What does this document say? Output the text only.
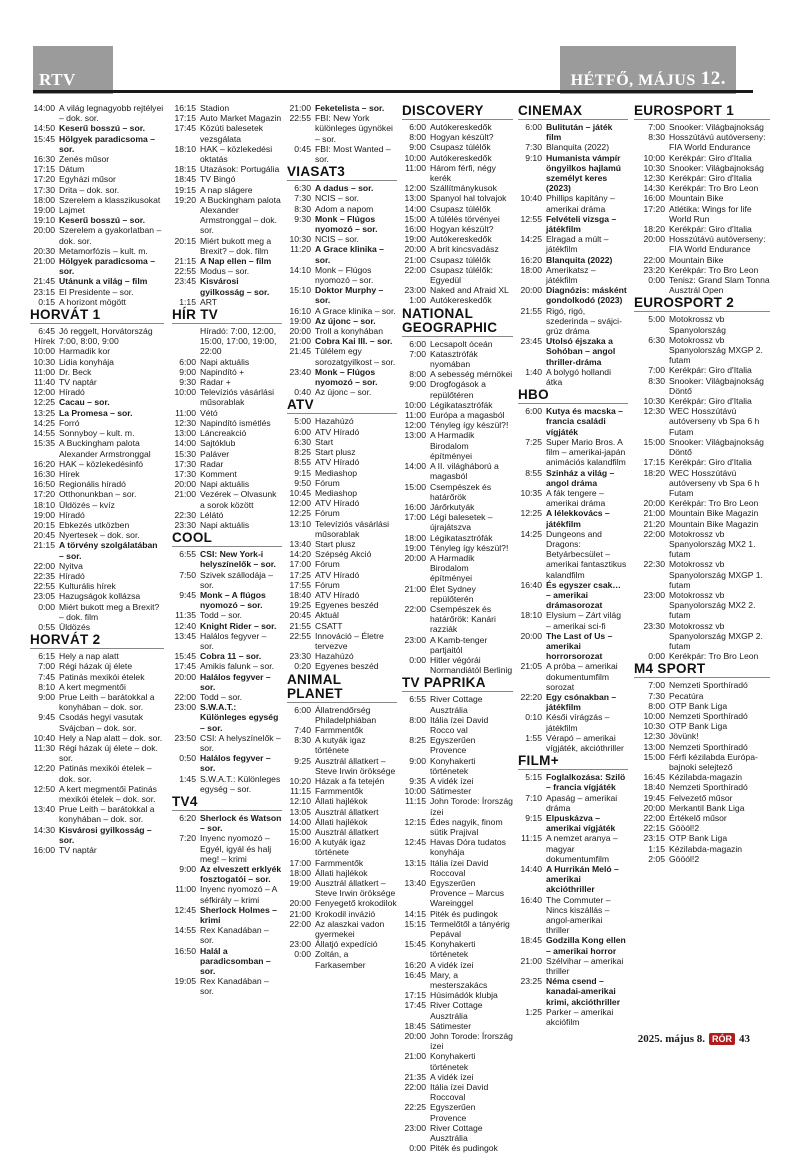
RTV	HÉTFŐ, MÁJUS 12.
14:00 A világ legnagyobb rejtélyei – dok. sor.
14:50 Keserű bosszú – sor.
15:45 Hölgyek paradicsoma – sor.
16:30 Zenés műsor
17:15 Dátum
17:20 Egyházi műsor
17:30 Drita – dok. sor.
18:00 Szerelem a klasszikusokat
19:00 Lajmet
19:10 Keserű bosszú – sor.
20:00 Szerelem a gyakorlatban – dok. sor.
20:30 Metamorfózis – kult. m.
21:00 Hölgyek paradicsoma – sor.
21:45 Utánunk a világ – film
23:15 El Presidente – sor.
0:15 A horizont mögött
HORVÁT 1
6:45 Jó reggelt, Horvátország
Hírek 7:00, 8:00, 9:00
10:00 Harmadik kor
10:30 Lidia konyhája
11:00 Dr. Beck
11:40 TV naptár
12:00 Híradó
12:25 Cacau – sor.
13:25 La Promesa – sor.
14:25 Forró
14:55 Sonnyboy – kult. m.
15:35 A Buckingham palota Alexander Armstronggal
16:20 HAK – közlekedésinfó
16:30 Hírek
16:50 Regionális híradó
17:20 Otthonunkban – sor.
18:10 Üldözés – kvíz
19:00 Híradó
20:15 Ebkezés utközben
20:45 Nyertesek – dok. sor.
21:15 A törvény szolgálatában – sor.
22:00 Nyitva
22:35 Híradó
22:55 Kulturális hírek
23:05 Hazugságok kollázsa
0:00 Miért bukott meg a Brexit? – dok. film
0:55 Üldözés
HORVÁT 2
6:15 Hely a nap alatt
7:00 Régi házak új élete
7:45 Patinás mexikói ételek
8:10 A kert megmentői
9:00 Prue Leith – barátokkal a konyhában – dok. sor.
9:45 Csodás hegyi vasutak Svájcban – dok. sor.
10:40 Hely a Nap alatt – dok. sor.
11:30 Régi házak új élete – dok. sor.
12:20 Patinás mexikói ételek – dok. sor.
12:50 A kert megmentői Patinás mexikói ételek – dok. sor.
13:40 Prue Leith – barátokkal a konyhában – dok. sor.
14:30 Kisvárosi gyilkosság – sor.
16:00 TV naptár
16:15 Stadion
17:15 Auto Market Magazin
17:45 Közúti balesetek vezsgálata
18:10 HAK – közlekedési oktatás
18:15 Utazások: Portugália
18:45 TV Bingó
19:15 A nap slágere
19:20 A Buckingham palota Alexander Armstronggal – dok. sor.
20:15 Miért bukott meg a Brexit? – dok. film
21:15 A Nap ellen – film
22:55 Modus – sor.
23:45 Kisvárosi gyilkosság – sor.
1:15 ART
HÍR TV
Híradó: 7:00, 12:00, 15:00, 17:00, 19:00, 22:00
6:00 Napi aktuális
9:00 Napindító +
9:30 Radar +
10:00 Televíziós vásárlási műsorablak
11:00 Vétó
12:30 Napindító ismétlés
13:00 Láncreakció
14:00 Sajtóklub
15:30 Paláver
17:30 Radar
17:30 Komment
20:00 Napi aktuális
21:00 Vezérek – Olvasunk a sorok között
22:30 Lélátó
23:30 Napi aktuális
COOL
6:55 CSI: New York-i helyszínelők – sor.
7:50 Szivek szállodája – sor.
9:45 Monk – A flúgos nyomozó – sor.
11:35 Todd – sor.
12:40 Knight Rider – sor.
13:45 Halálos fegyver – sor.
15:45 Cobra 11 – sor.
17:45 Amikis falunk – sor.
20:00 Halálos fegyver – sor.
22:00 Todd – sor.
23:00 S.W.A.T.: Különleges egység – sor.
23:50 CSI: A helyszínelők – sor.
0:50 Halálos fegyver – sor.
1:45 S.W.A.T.: Különleges egység – sor.
TV4
6:20 Sherlock és Watson – sor.
7:20 Inyenc nyomozó – Egyél, igyál és halj meg! – krimi
9:00 Az elveszett erklyék fosztogatói – sor.
11:00 Inyenc nyomozó – A séfkirály – krimi
12:45 Sherlock Holmes – krimi
14:55 Rex Kanadában – sor.
16:50 Halál a paradicsomban – sor.
19:05 Rex Kanadában – sor.
21:00 Feketelista – sor.
22:55 FBI: New York különleges ügynökei – sor.
0:45 FBI: Most Wanted – sor.
VIASAT3
6:30 A dadus – sor.
7:30 NCIS – sor.
8:30 Adom a napom
9:30 Monk – Flúgos nyomozó – sor.
10:30 NCIS – sor.
11:20 A Grace klinika – sor.
14:10 Monk – Flúgos nyomozó – sor.
15:10 Doktor Murphy – sor.
16:10 A Grace klinika – sor.
19:00 Az újonc – sor.
20:00 Troll a konyhában
21:00 Cobra Kai III. – sor.
21:45 Túlélem egy sorozatgyilkost – sor.
23:40 Monk – Flúgos nyomozó – sor.
0:40 Az újonc – sor.
ATV
5:00 Hazahúzó
6:00 ATV Híradó
6:30 Start
8:25 Start plusz
8:55 ATV Híradó
9:15 Mediashop
9:50 Fórum
10:45 Mediashop
12:00 ATV Híradó
12:25 Fórum
13:10 Televíziós vásárlási műsorablak
13:40 Start plusz
14:20 Szépség Akció
17:00 Fórum
17:25 ATV Híradó
17:55 Fórum
18:40 ATV Híradó
19:25 Egyenes beszéd
20:45 Aktuál
21:55 CSATT
22:55 Innováció – Életre tervezve
23:30 Hazahúzó
0:20 Egyenes beszéd
ANIMAL PLANET
6:00 Állatrendőrség Philadelphiában
7:40 Farmmentők
8:30 A kutyák igaz története
9:25 Ausztrál állatkert – Steve Irwin öröksége
10:20 Házak a fa tetején
11:15 Farmmentők
12:10 Állati hajlékok
13:05 Ausztrál állatkert
14:00 Állati hajlékok
15:00 Ausztrál állatkert
16:00 A kutyák igaz története
17:00 Farmmentők
18:00 Állati hajlékok
19:00 Ausztrál állatkert – Steve Irwin öröksége
20:00 Fenyegető krokodilok
21:00 Krokodil invázió
22:00 Az alaszkai vadon gyermekei
23:00 Állatjó expedíció
0:00 Zoltán, a Farkasember
DISCOVERY
6:00 Autókereskedők
8:00 Hogyan készült?
9:00 Csupasz túlélők
10:00 Autókereskedők
11:00 Három férfi, négy kerék
12:00 Szállítmánykusok
13:00 Spanyol hal tolvajok
14:00 Csupasz túlélők
15:00 A túlélés törvényei
16:00 Hogyan készült?
19:00 Autókereskedők
20:00 A brit kincsvadász
21:00 Csupasz túlélők
22:00 Csupasz túlélők: Egyedül
23:00 Naked and Afraid XL
1:00 Autókereskedők
NATIONAL GEOGRAPHIC
6:00 Lecsapolt óceán
7:00 Katasztrófák nyomában
8:00 A sebesség mérnökei
9:00 Drogfogások a repülőtéren
10:00 Légikatasztrófák
11:00 Európa a magasból
12:00 Tényleg így készül?!
13:00 A Harmadik Birodalom építményei
14:00 A II. világháború a magasból
15:00 Csempészek és határőrök
16:00 Járőrkutyák
17:00 Légi balesetek – újrajátszva
18:00 Légikatasztrófák
19:00 Tényleg így készül?!
20:00 A Harmadik Birodalom építményei
21:00 Élet Sydney repülőterén
22:00 Csempészek és határőrök: Kanári razziák
23:00 A Kamb-tenger partjaitól
0:00 Hitler végórái Normandiától Berlinig
TV PAPRIKA
6:55 River Cottage Ausztrália
8:00 Itália ízei David Rocco val
8:25 Egyszerűen Provence
9:00 Konyhakerti történetek
9:35 A vidék ízei
10:00 Sátimester
11:15 John Torode: Írország ízei
12:15 Édes nagyik, finom sütik Prajival
12:45 Havas Dóra tudatos konyhája
13:15 Itália ízei David Roccoval
13:40 Egyszerűen Provence – Marcus Wareinggel
14:15 Piték és pudingok
15:15 Termelőtől a tányérig Pepával
15:45 Konyhakerti történetek
16:20 A vidék ízei
16:45 Mary, a mesterszakács
17:15 Húsimádók klubja
17:45 River Cottage Ausztrália
18:45 Sátimester
20:00 John Torode: Írország ízei
21:00 Konyhakerti történetek
21:35 A vidék ízei
22:00 Itália ízei David Roccoval
22:25 Egyszerűen Provence
23:00 River Cottage Ausztrália
0:00 Piték és pudingok
CINEMAX
6:00 Bulitután – játék film
7:30 Blanquita (2022)
9:10 Humanista vámpír öngyilkos hajlamú személyt keres (2023)
10:40 Phillips kapitány – amerikai dráma
12:55 Felvételi vizsga – játékfilm
14:25 Elragad a múlt – játékfilm
16:20 Blanquita (2022)
18:00 Amerikatsz – játékfilm
20:00 Diagnózis: másként gondolkodó (2023)
21:55 Rigó, rigó, szederinda – svájci-grúz dráma
23:45 Utolsó éjszaka a Sohóban – angol thriller-dráma
1:40 A bolygó hollandi átka
HBO
6:00 Kutya és macska – francia családi vígjáték
7:25 Super Mario Bros. A film – amerikai-japán animációs kalandfilm
8:55 Szinház a világ – angol dráma
10:35 A fák tengere – amerikai dráma
12:25 A lélekkovács – játékfilm
14:25 Dungeons and Dragons: Betyárbecsület – amerikai fantasztikus kalandfilm
16:40 És egyszer csak… – amerikai drámasorozat
18:10 Elysium – Zárt világ – amerikai sci-fi
20:00 The Last of Us – amerikai horrorsorozat
21:05 A próba – amerikai dokumentumfilm sorozat
22:20 Egy csónakban – játékfilm
0:10 Késői vírágzás – játékfilm
1:55 Vérapó – amerikai vígjáték, akcióthriller
FILM+
5:15 Foglalkozása: Szilö – francia vígjáték
7:10 Apaság – amerikai dráma
9:15 Elpuskázva – amerikai vígjáték
11:15 A nemzet aranya – magyar dokumentumfilm
14:40 A Hurrikán Meló – amerikai akcióthriller
16:40 The Commuter – Nincs kiszállás – angol-amerikai thriller
18:45 Godzilla Kong ellen – amerikai horror
21:00 Szélvihar – amerikai thriller
23:25 Néma csend – kanadai-amerikai krimi, akcióthriller
1:25 Parker – amerikai akciófilm
EUROSPORT 1
7:00 Snooker: Világbajnokság
8:30 Hosszútávú autóverseny: FIA World Endurance
10:00 Kerékpár: Giro d'Italia
10:30 Snooker: Világbajnokság
12:30 Kerékpár: Giro d'Italia
14:30 Kerékpár: Tro Bro Leon
16:00 Mountain Bike
17:20 Atlétika: Wings for life World Run
18:20 Kerékpár: Giro d'Italia
20:00 Hosszútávú autóverseny: FIA World Endurance
22:00 Mountain Bike
23:20 Kerékpár: Tro Bro Leon
0:00 Tenisz: Grand Slam Tonna Ausztrál Open
EUROSPORT 2
5:00 Motokrossz vb Spanyolország
6:30 Motokrossz vb Spanyolország MXGP 2. futam
7:00 Kerékpár: Giro d'Italia
8:30 Snooker: Világbajnokság Döntő
10:30 Kerékpár: Giro d'Italia
12:30 WEC Hosszútávú autóverseny vb Spa 6 h Futam
15:00 Snooker: Világbajnokság Döntő
17:15 Kerékpár: Giro d'Italia
18:20 WEC Hosszútávú autóverseny vb Spa 6 h Futam
20:00 Kerékpár: Tro Bro Leon
21:00 Mountain Bike Magazin
21:20 Mountain Bike Magazin
22:00 Motokrossz vb Spanyolország MX2 1. futam
22:30 Motokrossz vb Spanyolország MXGP 1. futam
23:00 Motokrossz vb Spanyolország MX2 2. futam
23:30 Motokrossz vb Spanyolország MXGP 2. futam
0:00 Kerékpár: Tro Bro Leon
M4 SPORT
7:00 Nemzeti Sporthíradó
7:30 Pecatúra
8:00 OTP Bank Liga
10:00 Nemzeti Sporthíradó
10:30 OTP Bank Liga
12:30 Jövünk!
13:00 Nemzeti Sporthíradó
15:00 Férfi kézilabda Európa-bajnoki selejtező
16:45 Kézilabda-magazin
18:40 Nemzeti Sporthíradó
19:45 Felvezető műsor
20:00 Merkantil Bank Liga
22:00 Értékelő műsor
22:15 Gööól!2
23:15 OTP Bank Liga
1:15 Kézilabda-magazin
2:05 Gööól!2
2025. május 8. RÓR 43
